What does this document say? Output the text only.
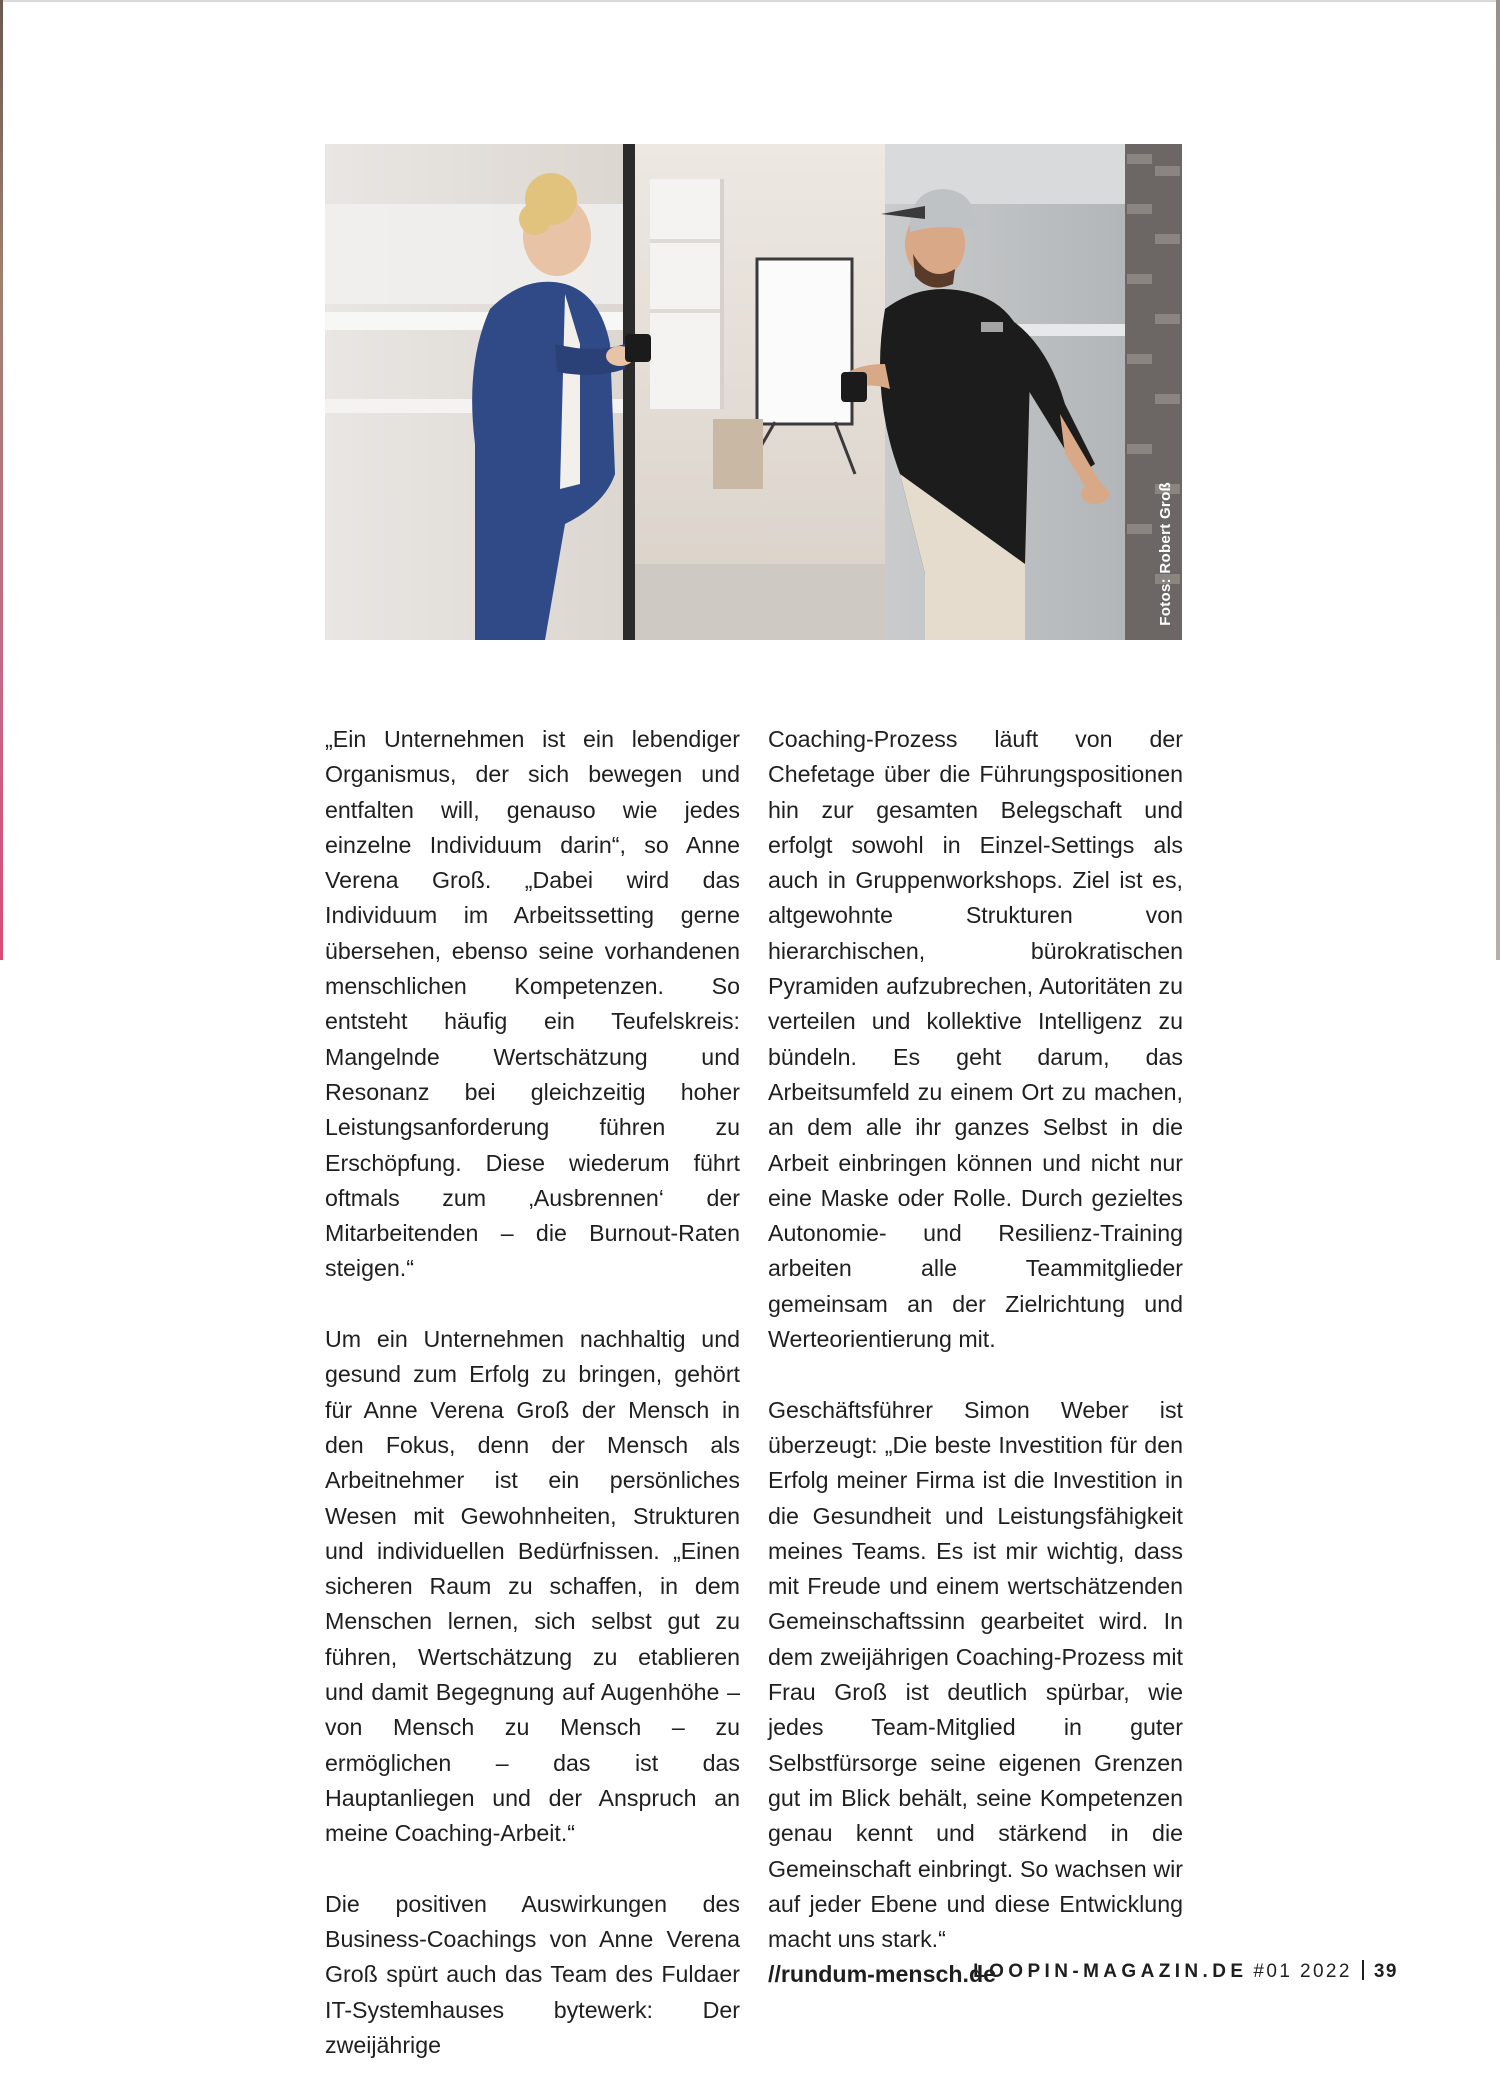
Fotos: Robert Groß

„Ein Unternehmen ist ein lebendiger Organismus, der sich bewegen und entfalten will, genauso wie jedes einzelne Individuum darin“, so Anne Verena Groß. „Dabei wird das Individuum im Arbeitssetting gerne übersehen, ebenso seine vorhandenen menschlichen Kompetenzen. So entsteht häufig ein Teufelskreis: Mangelnde Wertschätzung und Resonanz bei gleichzeitig hoher Leistungsanforderung führen zu Erschöpfung. Diese wiederum führt oftmals zum ‚Ausbrennen‘ der Mitarbeitenden – die Burnout-Raten steigen.“

Um ein Unternehmen nachhaltig und gesund zum Erfolg zu bringen, gehört für Anne Verena Groß der Mensch in den Fokus, denn der Mensch als Arbeitnehmer ist ein persönliches Wesen mit Gewohnheiten, Strukturen und individuellen Bedürfnissen. „Einen sicheren Raum zu schaffen, in dem Menschen lernen, sich selbst gut zu führen, Wertschätzung zu etablieren und damit Begegnung auf Augenhöhe – von Mensch zu Mensch – zu ermöglichen – das ist das Hauptanliegen und der Anspruch an meine Coaching-Arbeit.“

Die positiven Auswirkungen des Business-Coachings von Anne Verena Groß spürt auch das Team des Fuldaer IT-Systemhauses bytewerk: Der zweijährige

Coaching-Prozess läuft von der Chefetage über die Führungspositionen hin zur gesamten Belegschaft und erfolgt sowohl in Einzel-Settings als auch in Gruppenworkshops. Ziel ist es, altgewohnte Strukturen von hierarchischen, bürokratischen Pyramiden aufzubrechen, Autoritäten zu verteilen und kollektive Intelligenz zu bündeln. Es geht darum, das Arbeitsumfeld zu einem Ort zu machen, an dem alle ihr ganzes Selbst in die Arbeit einbringen können und nicht nur eine Maske oder Rolle. Durch gezieltes Autonomie- und Resilienz-Training arbeiten alle Teammitglieder gemeinsam an der Zielrichtung und Werteorientierung mit.

Geschäftsführer Simon Weber ist überzeugt: „Die beste Investition für den Erfolg meiner Firma ist die Investition in die Gesundheit und Leistungsfähigkeit meines Teams. Es ist mir wichtig, dass mit Freude und einem wertschätzenden Gemeinschaftssinn gearbeitet wird. In dem zweijährigen Coaching-Prozess mit Frau Groß ist deutlich spürbar, wie jedes Team-Mitglied in guter Selbstfürsorge seine eigenen Grenzen gut im Blick behält, seine Kompetenzen genau kennt und stärkend in die Gemeinschaft einbringt. So wachsen wir auf jeder Ebene und diese Entwicklung macht uns stark.“

//rundum-mensch.de

LOOPIN-MAGAZIN.DE #01 2022 39
